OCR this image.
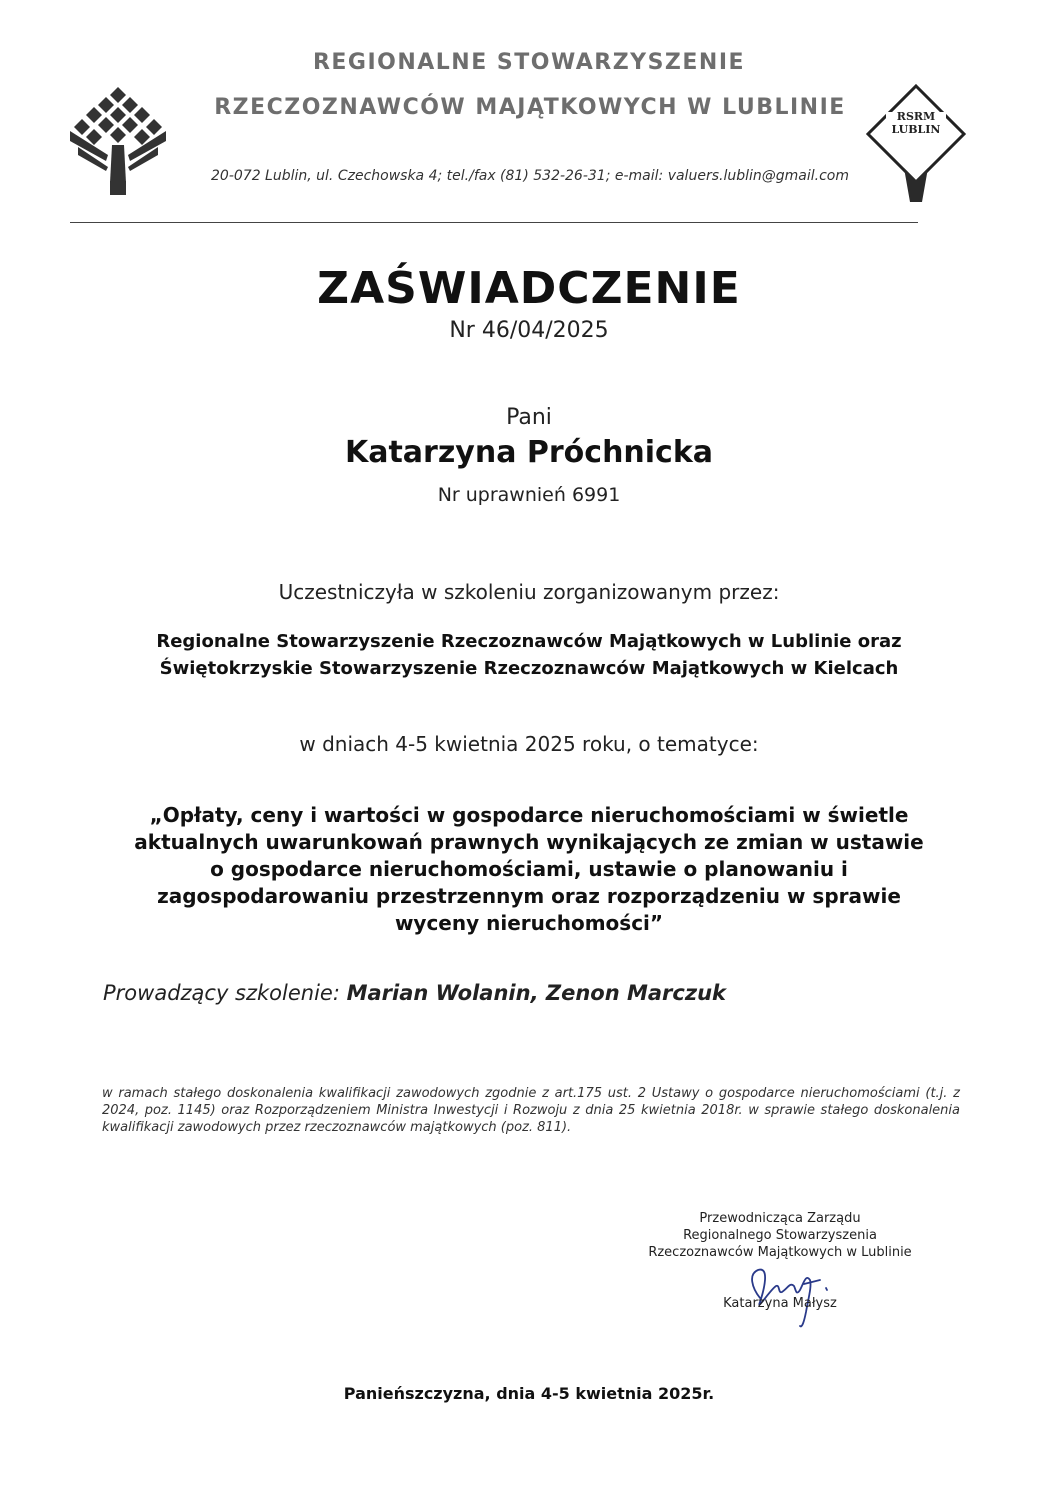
REGIONALNE STOWARZYSZENIE
RZECZOZNAWCÓW MAJĄTKOWYCH W LUBLINIE
20-072 Lublin, ul. Czechowska 4; tel./fax (81) 532-26-31; e-mail: valuers.lublin@gmail.com
RSRM
LUBLIN
ZAŚWIADCZENIE
Nr 46/04/2025
Pani
Katarzyna Próchnicka
Nr uprawnień 6991
Uczestniczyła w szkoleniu zorganizowanym przez:
Regionalne Stowarzyszenie Rzeczoznawców Majątkowych w Lublinie oraz
Świętokrzyskie Stowarzyszenie Rzeczoznawców Majątkowych w Kielcach
w dniach 4-5 kwietnia 2025 roku, o tematyce:
„Opłaty, ceny i wartości w gospodarce nieruchomościami w świetle
aktualnych uwarunkowań prawnych wynikających ze zmian w ustawie
o gospodarce nieruchomościami, ustawie o planowaniu i
zagospodarowaniu przestrzennym oraz rozporządzeniu w sprawie
wyceny nieruchomości”
Prowadzący szkolenie: Marian Wolanin, Zenon Marczuk
w ramach stałego doskonalenia kwalifikacji zawodowych zgodnie z art.175 ust. 2 Ustawy o gospodarce nieruchomościami (t.j. z 2024, poz. 1145) oraz Rozporządzeniem Ministra Inwestycji i Rozwoju z dnia 25 kwietnia 2018r. w sprawie stałego doskonalenia kwalifikacji zawodowych przez rzeczoznawców majątkowych (poz. 811).
Przewodnicząca Zarządu
Regionalnego Stowarzyszenia
Rzeczoznawców Majątkowych w Lublinie
Katarzyna Małysz
Panieńszczyzna, dnia 4-5 kwietnia 2025r.
